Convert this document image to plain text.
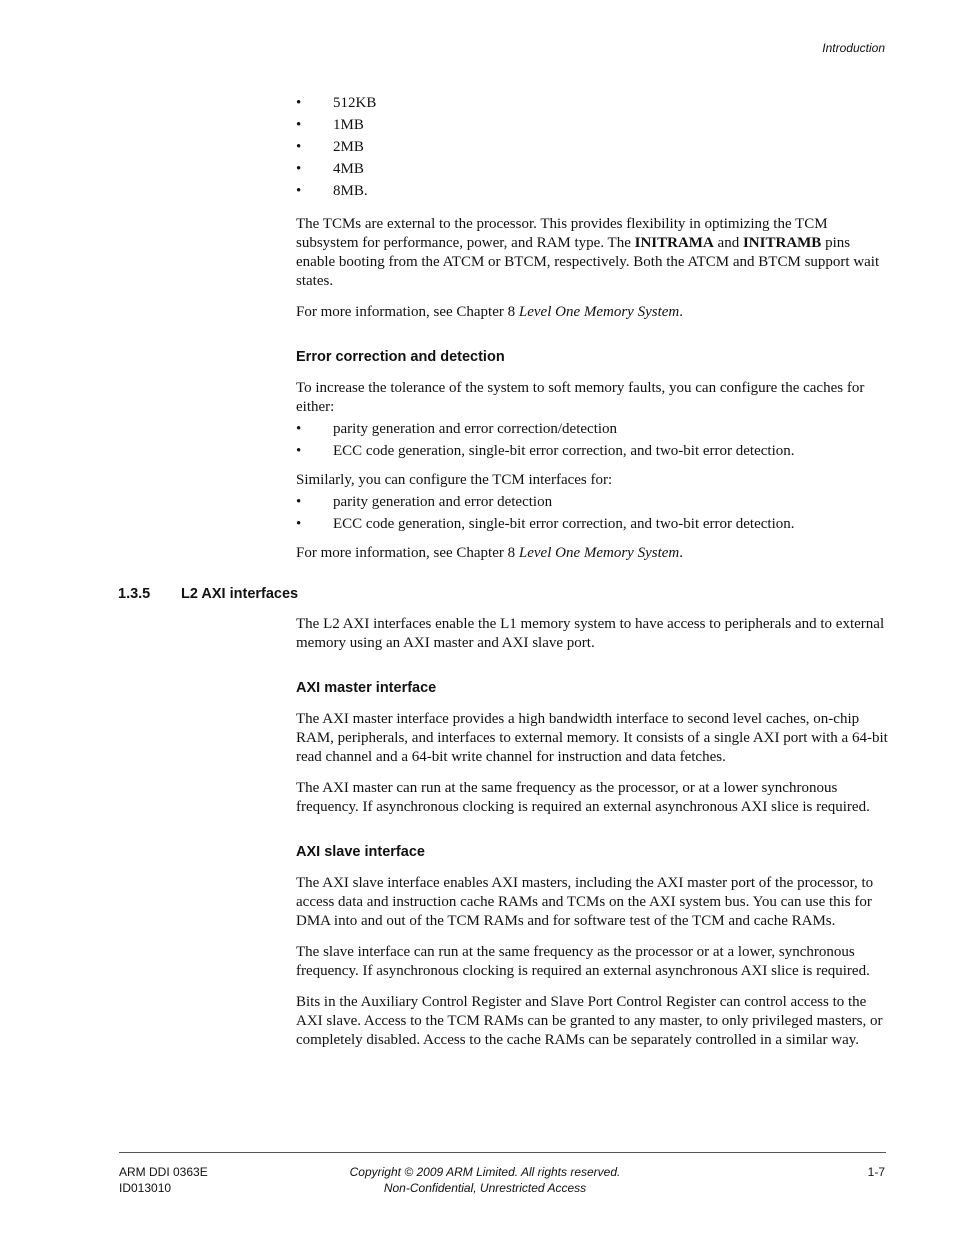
Introduction
• 512KB
• 1MB
• 2MB
• 4MB
• 8MB.

The TCMs are external to the processor. This provides flexibility in optimizing the TCM subsystem for performance, power, and RAM type. The INITRAMA and INITRAMB pins enable booting from the ATCM or BTCM, respectively. Both the ATCM and BTCM support wait states.

For more information, see Chapter 8 Level One Memory System.

Error correction and detection

To increase the tolerance of the system to soft memory faults, you can configure the caches for either:

• parity generation and error correction/detection
• ECC code generation, single-bit error correction, and two-bit error detection.

Similarly, you can configure the TCM interfaces for:

• parity generation and error detection
• ECC code generation, single-bit error correction, and two-bit error detection.

For more information, see Chapter 8 Level One Memory System.

1.3.5 L2 AXI interfaces

The L2 AXI interfaces enable the L1 memory system to have access to peripherals and to external memory using an AXI master and AXI slave port.

AXI master interface

The AXI master interface provides a high bandwidth interface to second level caches, on-chip RAM, peripherals, and interfaces to external memory. It consists of a single AXI port with a 64-bit read channel and a 64-bit write channel for instruction and data fetches.

The AXI master can run at the same frequency as the processor, or at a lower synchronous frequency. If asynchronous clocking is required an external asynchronous AXI slice is required.

AXI slave interface

The AXI slave interface enables AXI masters, including the AXI master port of the processor, to access data and instruction cache RAMs and TCMs on the AXI system bus. You can use this for DMA into and out of the TCM RAMs and for software test of the TCM and cache RAMs.

The slave interface can run at the same frequency as the processor or at a lower, synchronous frequency. If asynchronous clocking is required an external asynchronous AXI slice is required.

Bits in the Auxiliary Control Register and Slave Port Control Register can control access to the AXI slave. Access to the TCM RAMs can be granted to any master, to only privileged masters, or completely disabled. Access to the cache RAMs can be separately controlled in a similar way.

ARM DDI 0363E
ID013010
Copyright © 2009 ARM Limited. All rights reserved.
Non-Confidential, Unrestricted Access
1-7
